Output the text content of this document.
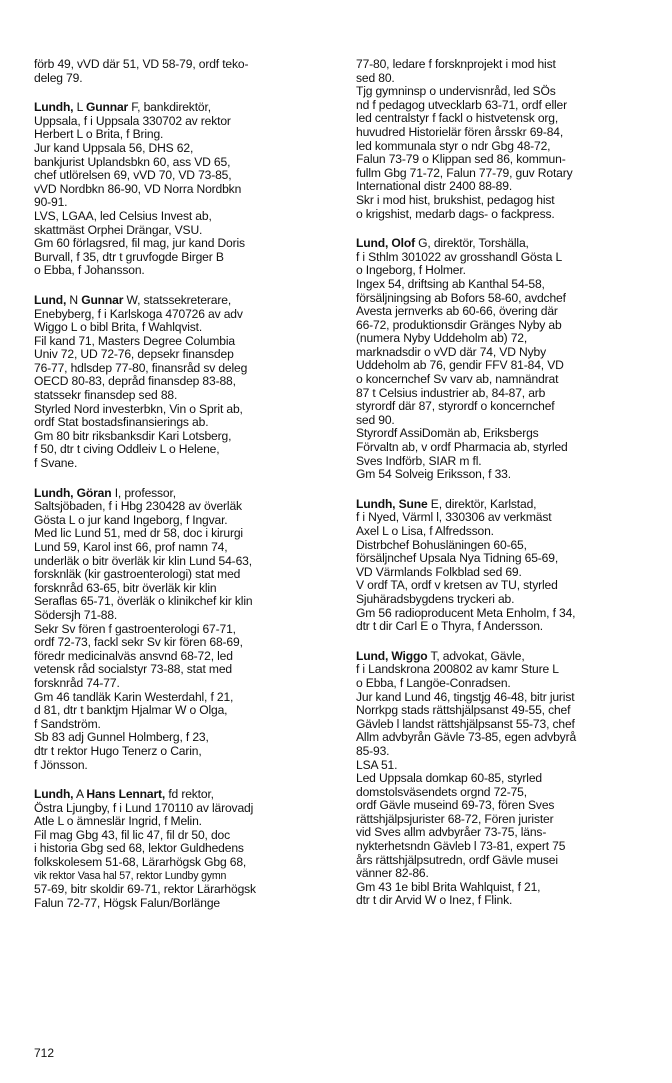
förb 49, vVD där 51, VD 58-79, ordf teko-
deleg 79.

Lundh, L Gunnar F, bankdirektör,

Uppsala, f i Uppsala 330702 av rektor
Herbert L o Brita, f Bring.
Jur kand Uppsala 56, DHS 62,
bankjurist Uplandsbkn 60, ass VD 65,
chef utlörelsen 69, vVD 70, VD 73-85,
vVD Nordbkn 86-90, VD Norra Nordbkn
90-91.
LVS, LGAA, led Celsius Invest ab,
skattmäst Orphei Drängar, VSU.
Gm 60 förlagsred, fil mag, jur kand Doris
Burvall, f 35, dtr t gruvfogde Birger B
o Ebba, f Johansson.

Lund, N Gunnar W, statssekreterare,

Enebyberg, f i Karlskoga 470726 av adv
Wiggo L o bibl Brita, f Wahlqvist.
Fil kand 71, Masters Degree Columbia
Univ 72, UD 72-76, depsekr finansdep
76-77, hdlsdep 77-80, finansråd sv deleg
OECD 80-83, depråd finansdep 83-88,
statssekr finansdep sed 88.
Styrled Nord investerbkn, Vin o Sprit ab,
ordf Stat bostadsfinansierings ab.
Gm 80 bitr riksbanksdir Kari Lotsberg,
f 50, dtr t civing Oddleiv L o Helene,
f Svane.

Lundh, Göran I, professor,

Saltsjöbaden, f i Hbg 230428 av överläk
Gösta L o jur kand Ingeborg, f Ingvar.
Med lic Lund 51, med dr 58, doc i kirurgi
Lund 59, Karol inst 66, prof namn 74,
underläk o bitr överläk kir klin Lund 54-63,
forsknläk (kir gastroenterologi) stat med
forsknråd 63-65, bitr överläk kir klin
Seraflas 65-71, överläk o klinikchef kir klin
Södersjh 71-88.
Sekr Sv fören f gastroenterologi 67-71,
ordf 72-73, fackl sekr Sv kir fören 68-69,
föredr medicinalväs ansvnd 68-72, led
vetensk råd socialstyr 73-88, stat med
forsknråd 74-77.
Gm 46 tandläk Karin Westerdahl, f 21,
d 81, dtr t banktjm Hjalmar W o Olga,
f Sandström.
Sb 83 adj Gunnel Holmberg, f 23,
dtr t rektor Hugo Tenerz o Carin,
f Jönsson.

Lundh, A Hans Lennart, fd rektor,

Östra Ljungby, f i Lund 170110 av lärovadj
Atle L o ämneslär Ingrid, f Melin.
Fil mag Gbg 43, fil lic 47, fil dr 50, doc
i historia Gbg sed 68, lektor Guldhedens
folkskolesem 51-68, Lärarhögsk Gbg 68,

vik rektor Vasa hal 57, rektor Lundby gymn

57-69, bitr skoldir 69-71, rektor Lärarhögsk
Falun 72-77, Högsk Falun/Borlänge

77-80, ledare f forsknprojekt i mod hist
sed 80.
Tjg gymninsp o undervisnråd, led SÖs
nd f pedagog utvecklarb 63-71, ordf eller
led centralstyr f fackl o histvetensk org,
huvudred Historielär fören årsskr 69-84,
led kommunala styr o ndr Gbg 48-72,
Falun 73-79 o Klippan sed 86, kommun-
fullm Gbg 71-72, Falun 77-79, guv Rotary
International distr 2400 88-89.
Skr i mod hist, brukshist, pedagog hist
o krigshist, medarb dags- o fackpress.

Lund, Olof G, direktör, Torshälla,

f i Sthlm 301022 av grosshandl Gösta L
o Ingeborg, f Holmer.
Ingex 54, driftsing ab Kanthal 54-58,
försäljningsing ab Bofors 58-60, avdchef
Avesta jernverks ab 60-66, övering där
66-72, produktionsdir Gränges Nyby ab
(numera Nyby Uddeholm ab) 72,
marknadsdir o vVD där 74, VD Nyby
Uddeholm ab 76, gendir FFV 81-84, VD
o koncernchef Sv varv ab, namnändrat
87 t Celsius industrier ab, 84-87, arb
styrordf där 87, styrordf o koncernchef
sed 90.
Styrordf AssiDomän ab, Eriksbergs
Förvaltn ab, v ordf Pharmacia ab, styrled
Sves Indförb, SIAR m fl.
Gm 54 Solveig Eriksson, f 33.

Lundh, Sune E, direktör, Karlstad,

f i Nyed, Värml l, 330306 av verkmäst
Axel L o Lisa, f Alfredsson.
Distrbchef Bohusläningen 60-65,
försäljnchef Upsala Nya Tidning 65-69,
VD Värmlands Folkblad sed 69.
V ordf TA, ordf v kretsen av TU, styrled
Sjuhäradsbygdens tryckeri ab.
Gm 56 radioproducent Meta Enholm, f 34,
dtr t dir Carl E o Thyra, f Andersson.

Lund, Wiggo T, advokat, Gävle,

f i Landskrona 200802 av kamr Sture L
o Ebba, f Langöe-Conradsen.
Jur kand Lund 46, tingstjg 46-48, bitr jurist
Norrkpg stads rättshjälpsanst 49-55, chef
Gävleb l landst rättshjälpsanst 55-73, chef
Allm advbyrån Gävle 73-85, egen advbyrå
85-93.
LSA 51.
Led Uppsala domkap 60-85, styrled
domstolsväsendets orgnd 72-75,
ordf Gävle museind 69-73, fören Sves
rättshjälpsjurister 68-72, Fören jurister
vid Sves allm advbyråer 73-75, läns-
nykterhetsndn Gävleb l 73-81, expert 75
års rättshjälpsutredn, ordf Gävle musei
vänner 82-86.
Gm 43 1e bibl Brita Wahlquist, f 21,
dtr t dir Arvid W o Inez, f Flink.

712
